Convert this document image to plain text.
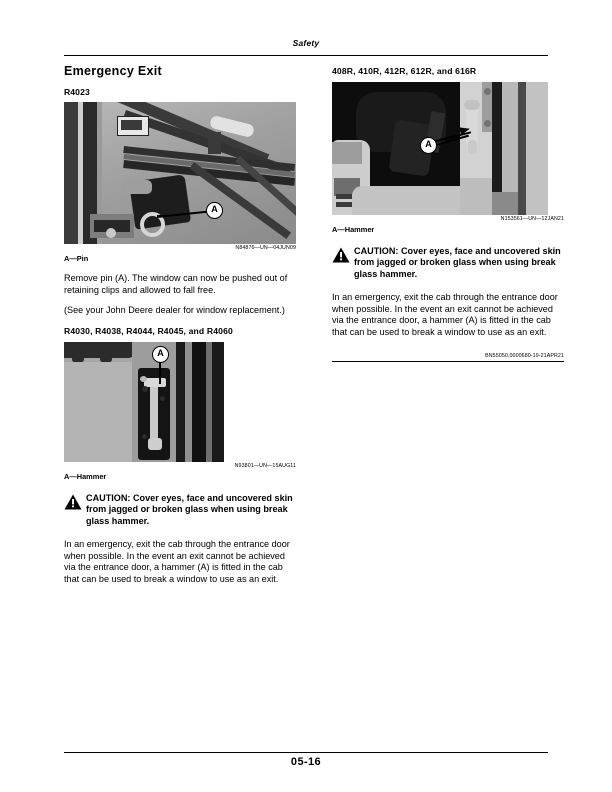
Safety
Emergency Exit
R4023
A
N84876—UN—04JUN09
A—Pin

Remove pin (A). The window can now be pushed out of retaining clips and allowed to fall free.

(See your John Deere dealer for window replacement.)

R4030, R4038, R4044, R4045, and R4060
A
N93801—UN—15AUG11
A—Hammer

CAUTION: Cover eyes, face and uncovered skin from jagged or broken glass when using break glass hammer.

In an emergency, exit the cab through the entrance door when possible. In the event an exit cannot be achieved via the entrance door, a hammer (A) is fitted in the cab that can be used to break a window to use as an exit.

408R, 410R, 412R, 612R, and 616R
A
N153561—UN—12JAN21
A—Hammer

CAUTION: Cover eyes, face and uncovered skin from jagged or broken glass when using break glass hammer.

In an emergency, exit the cab through the entrance door when possible. In the event an exit cannot be achieved via the entrance door, a hammer (A) is fitted in the cab that can be used to break a window to use as an exit.

BN55050,0000680-19-21APR21
05-16
